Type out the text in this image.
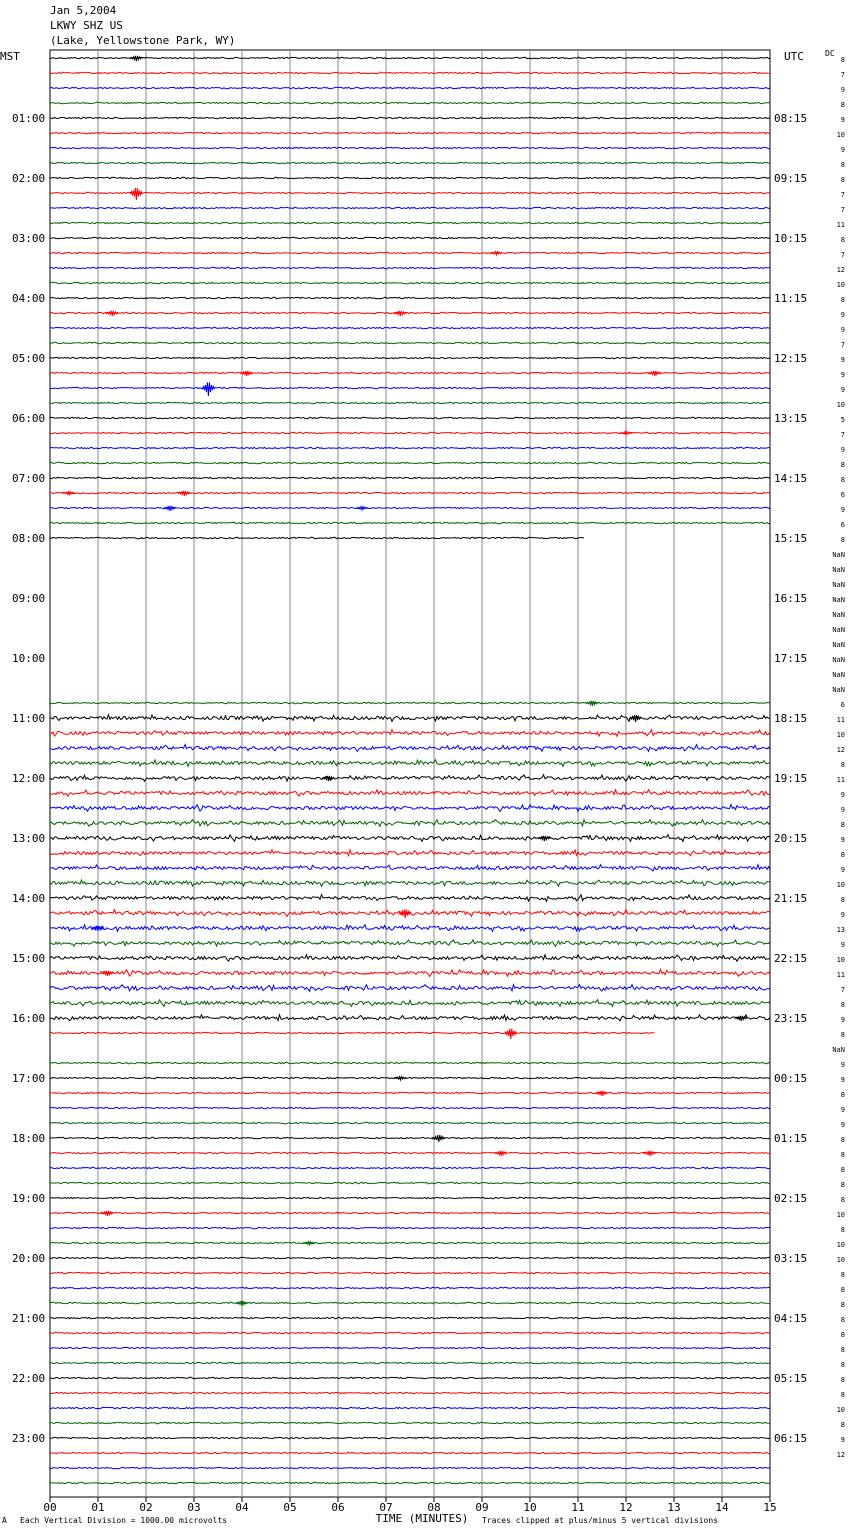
Jan 5,2004
LKWY SHZ US
(Lake, Yellowstone Park, WY)
MST	UTC	DC
00	01	02	03	04	05	06	07	08	09	10	11	12	13	14	15
8
7
9
8
9
10
9
8
8
7
7
11
8
7
12
10
8
9
9
7
9
9
9
10
5
7
9
8
8
6
9
6
8
NaN
NaN
NaN
NaN
NaN
NaN
NaN
NaN
NaN
NaN
6
11
10
12
8
11
9
9
8
9
8
9
10
8
9
13
9
10
11
7
8
9
8
NaN
9
9
8
9
9
8
8
8
8
8
10
8
10
10
8
8
8
8
8
8
8
8
8
10
8
9
12
01:00
02:00
03:00
04:00
05:00
06:00
07:00
08:00
09:00
10:00
11:00
12:00
13:00
14:00
15:00
16:00
17:00
18:00
19:00
20:00
21:00
22:00
23:00
08:15
09:15
10:15
11:15
12:15
13:15
14:15
15:15
16:15
17:15
18:15
19:15
20:15
21:15
22:15
23:15
00:15
01:15
02:15
03:15
04:15
05:15
06:15
TIME (MINUTES)
A Each Vertical Division = 1000.00 microvolts	Traces clipped at plus/minus 5 vertical divisions
